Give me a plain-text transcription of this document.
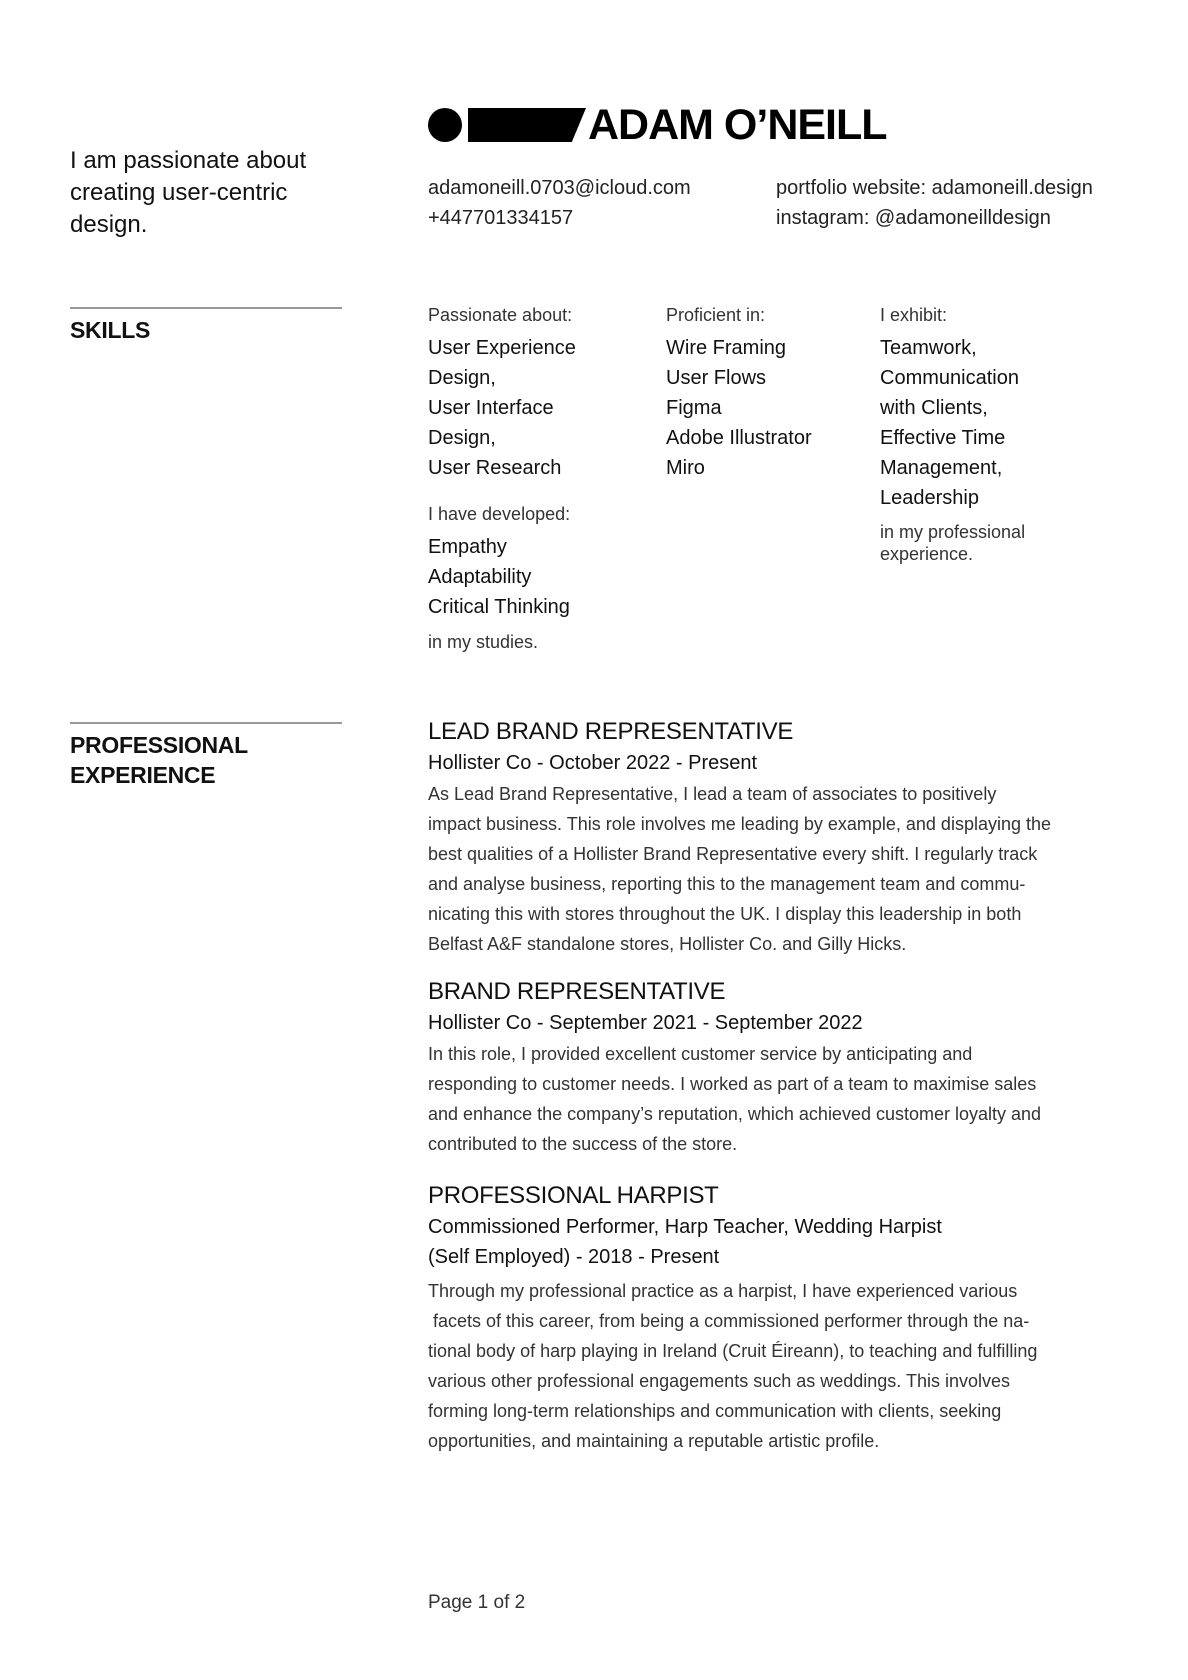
I am passionate about creating user-centric design.
ADAM O’NEILL
adamoneill.0703@icloud.com
+447701334157
portfolio website: adamoneill.design
instagram: @adamoneilldesign
SKILLS
Passionate about:
User Experience
Design,
User Interface
Design,
User Research
I have developed:
Empathy
Adaptability
Critical Thinking
in my studies.
Proficient in:
Wire Framing
User Flows
Figma
Adobe Illustrator
Miro
I exhibit:
Teamwork,
Communication
with Clients,
Effective Time
Management,
Leadership
in my professional
experience.
PROFESSIONAL
EXPERIENCE
LEAD BRAND REPRESENTATIVE
Hollister Co - October 2022 - Present
As Lead Brand Representative, I lead a team of associates to positively
impact business. This role involves me leading by example, and displaying the
best qualities of a Hollister Brand Representative every shift. I regularly track
and analyse business, reporting this to the management team and commu-
nicating this with stores throughout the UK. I display this leadership in both
Belfast A&F standalone stores, Hollister Co. and Gilly Hicks.
BRAND REPRESENTATIVE
Hollister Co - September 2021 - September 2022
In this role, I provided excellent customer service by anticipating and
responding to customer needs. I worked as part of a team to maximise sales
and enhance the company’s reputation, which achieved customer loyalty and
contributed to the success of the store.
PROFESSIONAL HARPIST
Commissioned Performer, Harp Teacher, Wedding Harpist
(Self Employed) - 2018 - Present
Through my professional practice as a harpist, I have experienced various
facets of this career, from being a commissioned performer through the na-
tional body of harp playing in Ireland (Cruit Éireann), to teaching and fulfilling
various other professional engagements such as weddings. This involves
forming long-term relationships and communication with clients, seeking
opportunities, and maintaining a reputable artistic profile.
Page 1 of 2
